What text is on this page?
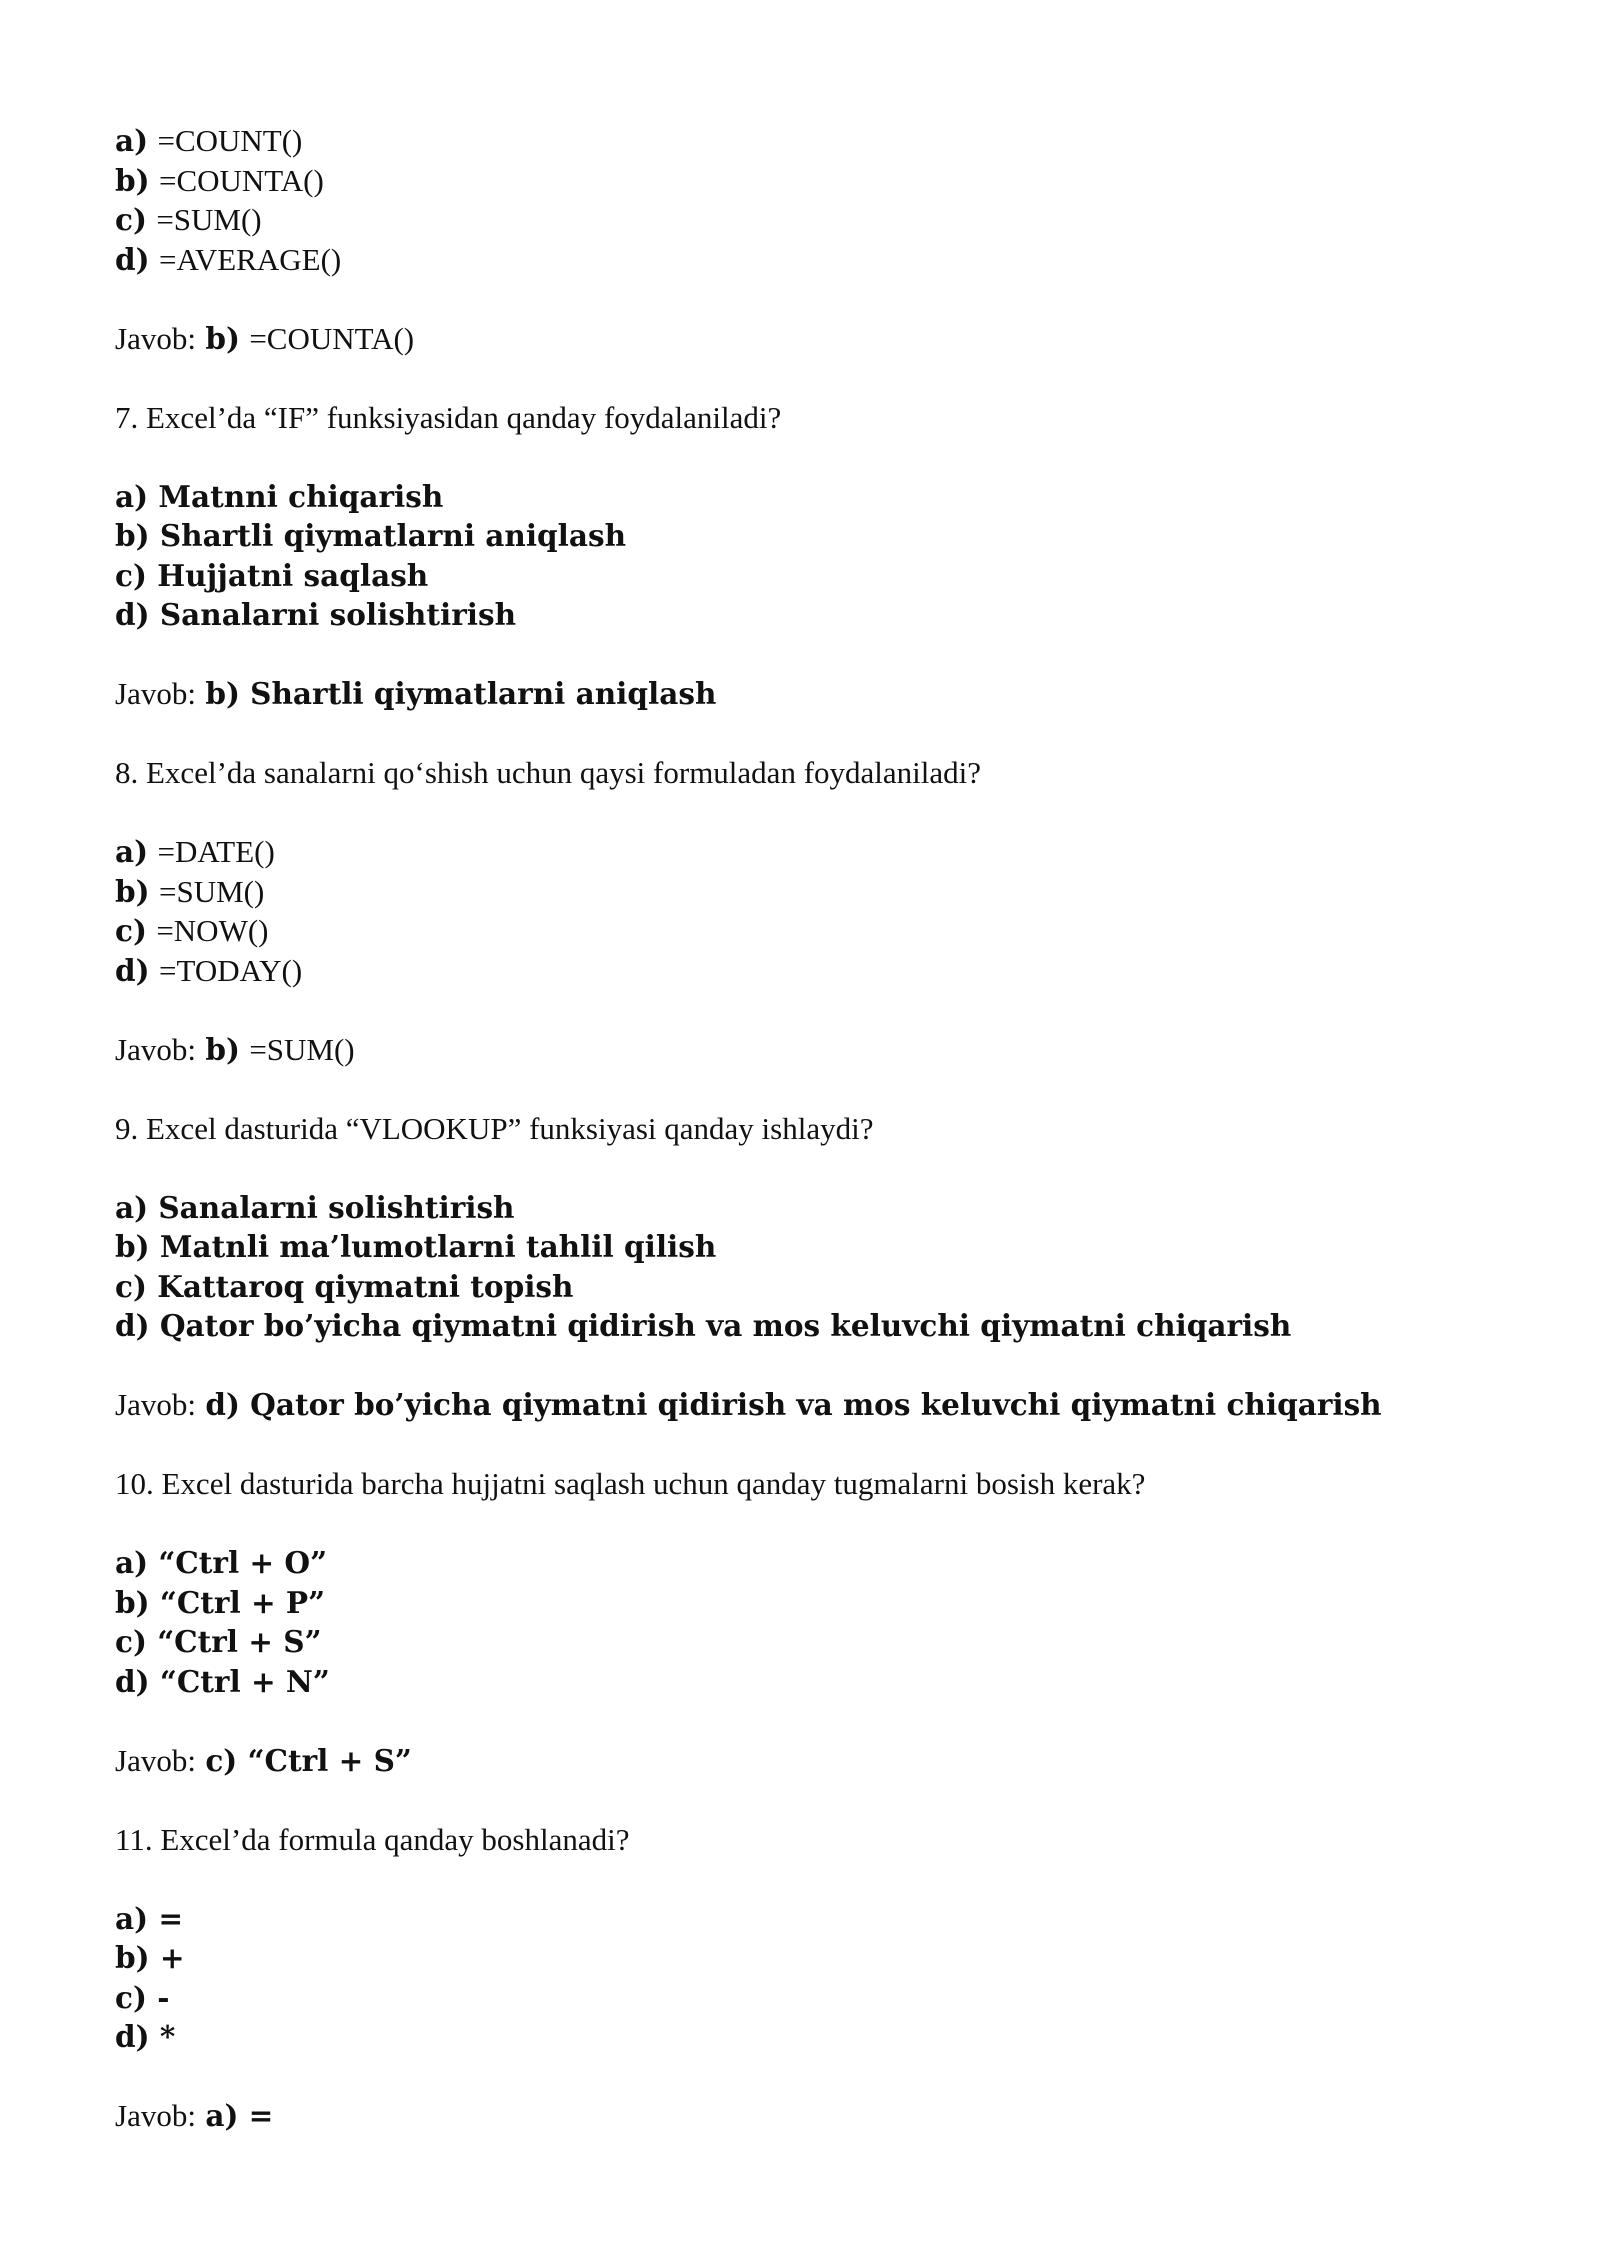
a) =COUNT()
b) =COUNTA()
c) =SUM()
d) =AVERAGE()
Javob: b) =COUNTA()
7. Excel’da “IF” funksiyasidan qanday foydalaniladi?
a) Matnni chiqarish
b) Shartli qiymatlarni aniqlash
c) Hujjatni saqlash
d) Sanalarni solishtirish
Javob: b) Shartli qiymatlarni aniqlash
8. Excel’da sanalarni qo‘shish uchun qaysi formuladan foydalaniladi?
a) =DATE()
b) =SUM()
c) =NOW()
d) =TODAY()
Javob: b) =SUM()
9. Excel dasturida “VLOOKUP” funksiyasi qanday ishlaydi?
a) Sanalarni solishtirish
b) Matnli ma’lumotlarni tahlil qilish
c) Kattaroq qiymatni topish
d) Qator bo’yicha qiymatni qidirish va mos keluvchi qiymatni chiqarish
Javob: d) Qator bo’yicha qiymatni qidirish va mos keluvchi qiymatni chiqarish
10. Excel dasturida barcha hujjatni saqlash uchun qanday tugmalarni bosish kerak?
a) “Ctrl + O”
b) “Ctrl + P”
c) “Ctrl + S”
d) “Ctrl + N”
Javob: c) “Ctrl + S”
11. Excel’da formula qanday boshlanadi?
a) =
b) +
c) -
d) *
Javob: a) =
